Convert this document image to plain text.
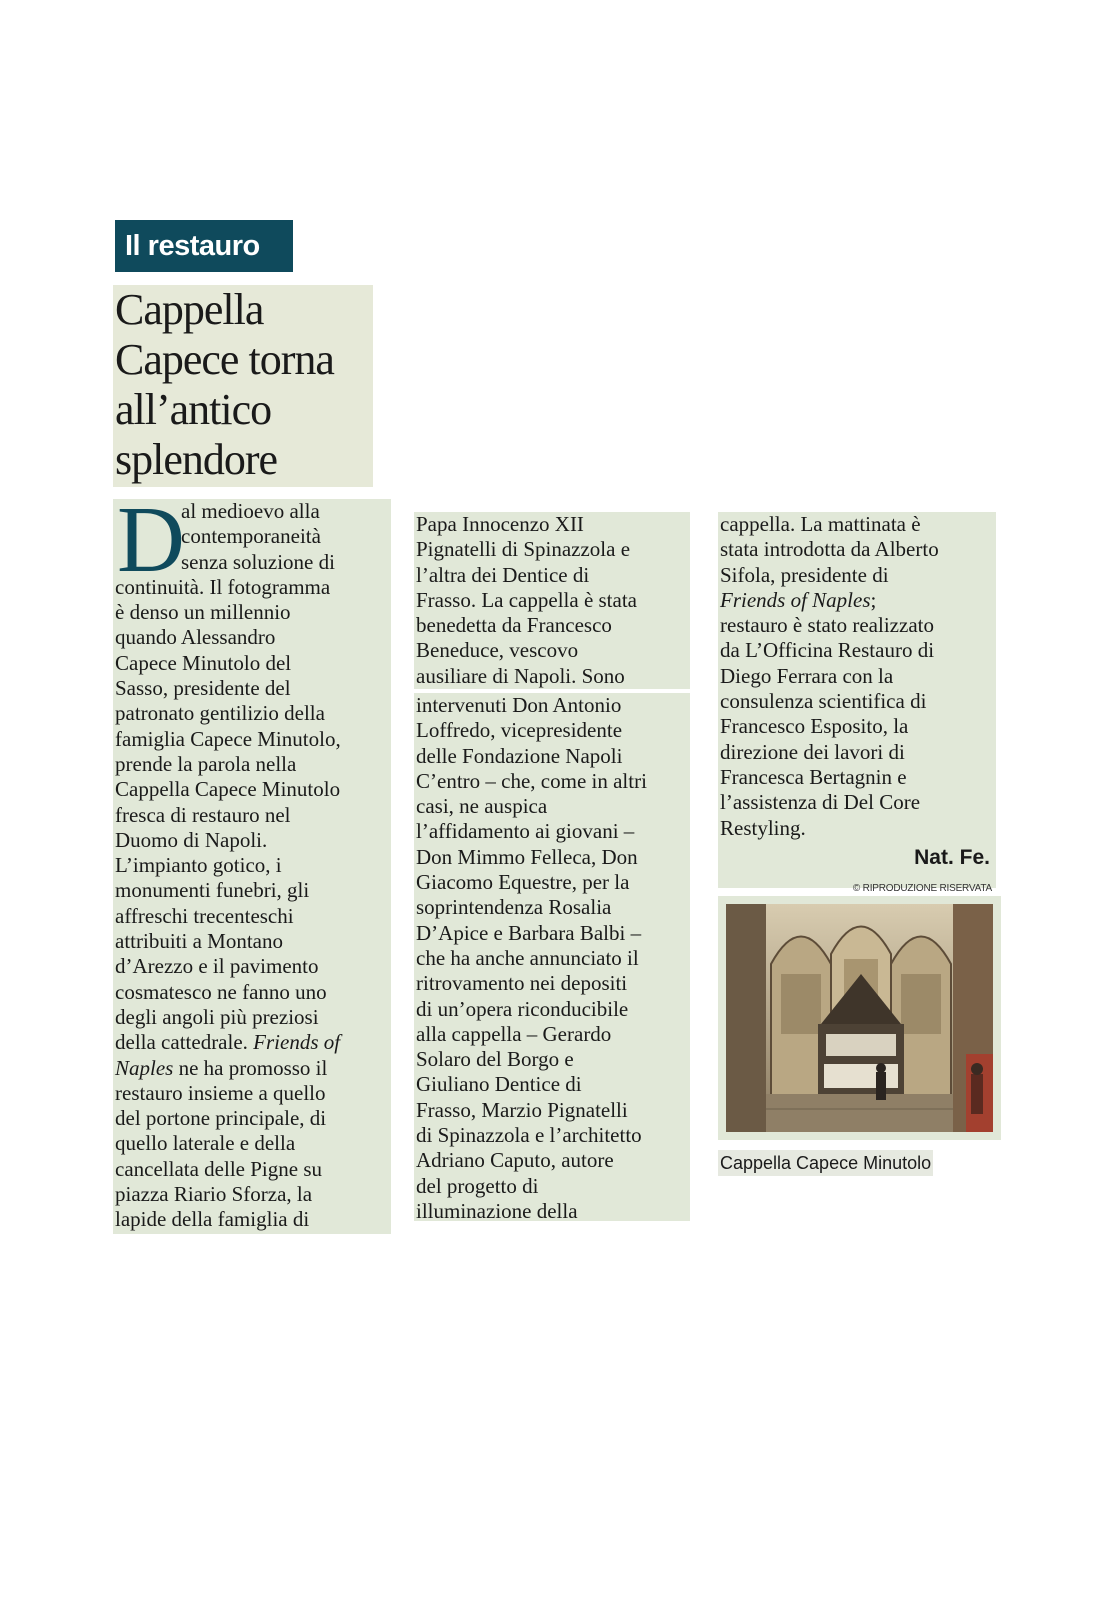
Il restauro
Cappella
Capece torna
all’antico
splendore
D
al medioevo alla
contemporaneità
senza soluzione di
continuità. Il fotogramma
è denso un millennio
quando Alessandro
Capece Minutolo del
Sasso, presidente del
patronato gentilizio della
famiglia Capece Minutolo,
prende la parola nella
Cappella Capece Minutolo
fresca di restauro nel
Duomo di Napoli.
L’impianto gotico, i
monumenti funebri, gli
affreschi trecenteschi
attribuiti a Montano
d’Arezzo e il pavimento
cosmatesco ne fanno uno
degli angoli più preziosi
della cattedrale. Friends of
Naples ne ha promosso il
restauro insieme a quello
del portone principale, di
quello laterale e della
cancellata delle Pigne su
piazza Riario Sforza, la
lapide della famiglia di
Papa Innocenzo XII
Pignatelli di Spinazzola e
l’altra dei Dentice di
Frasso. La cappella è stata
benedetta da Francesco
Beneduce, vescovo
ausiliare di Napoli. Sono
intervenuti Don Antonio
Loffredo, vicepresidente
delle Fondazione Napoli
C’entro – che, come in altri
casi, ne auspica
l’affidamento ai giovani –
Don Mimmo Felleca, Don
Giacomo Equestre, per la
soprintendenza Rosalia
D’Apice e Barbara Balbi –
che ha anche annunciato il
ritrovamento nei depositi
di un’opera riconducibile
alla cappella – Gerardo
Solaro del Borgo e
Giuliano Dentice di
Frasso, Marzio Pignatelli
di Spinazzola e l’architetto
Adriano Caputo, autore
del progetto di
illuminazione della
cappella. La mattinata è
stata introdotta da Alberto
Sifola, presidente di
Friends of Naples;
restauro è stato realizzato
da L’Officina Restauro di
Diego Ferrara con la
consulenza scientifica di
Francesco Esposito, la
direzione dei lavori di
Francesca Bertagnin e
l’assistenza di Del Core
Restyling.
Nat. Fe.
© RIPRODUZIONE RISERVATA
Cappella Capece Minutolo
